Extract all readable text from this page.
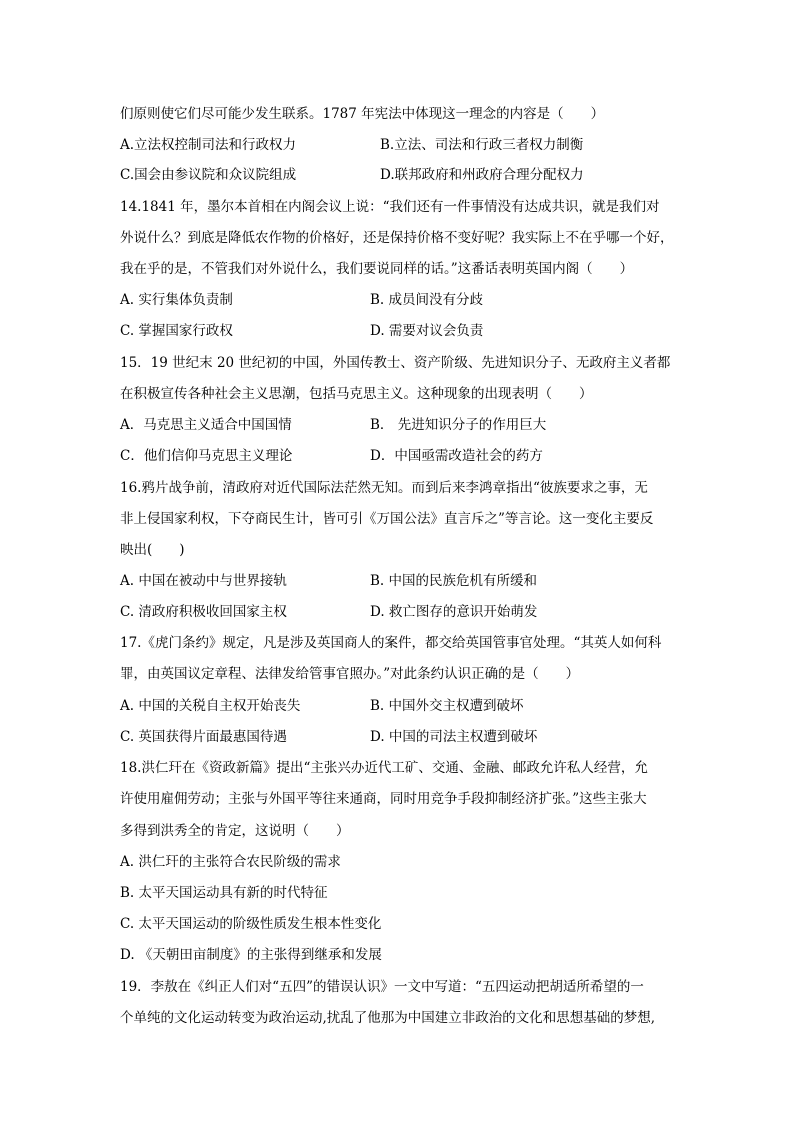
们原则使它们尽可能少发生联系。1787 年宪法中体现这一理念的内容是（　　）
A.立法权控制司法和行政权力	B.立法、司法和行政三者权力制衡
C.国会由参议院和众议院组成	D.联邦政府和州政府合理分配权力
14.1841 年，墨尔本首相在内阁会议上说：“我们还有一件事情没有达成共识，就是我们对
外说什么？到底是降低农作物的价格好，还是保持价格不变好呢？我实际上不在乎哪一个好，
我在乎的是，不管我们对外说什么，我们要说同样的话。”这番话表明英国内阁（　　）
A. 实行集体负责制	B. 成员间没有分歧
C. 掌握国家行政权	D. 需要对议会负责
15．19 世纪末 20 世纪初的中国，外国传教士、资产阶级、先进知识分子、无政府主义者都
在积极宣传各种社会主义思潮，包括马克思主义。这种现象的出现表明（　　）
A．马克思主义适合中国国情	B． 先进知识分子的作用巨大
C．他们信仰马克思主义理论	D．中国亟需改造社会的药方
16.鸦片战争前，清政府对近代国际法茫然无知。而到后来李鸿章指出“彼族要求之事，无
非上侵国家利权，下夺商民生计，皆可引《万国公法》直言斥之”等言论。这一变化主要反
映出(　　)
A. 中国在被动中与世界接轨	B. 中国的民族危机有所缓和
C. 清政府积极收回国家主权	D. 救亡图存的意识开始萌发
17.《虎门条约》规定，凡是涉及英国商人的案件，都交给英国管事官处理。“其英人如何科
罪，由英国议定章程、法律发给管事官照办。”对此条约认识正确的是（　　）
A. 中国的关税自主权开始丧失	B. 中国外交主权遭到破坏
C. 英国获得片面最惠国待遇	D. 中国的司法主权遭到破坏
18.洪仁玕在《资政新篇》提出“主张兴办近代工矿、交通、金融、邮政允许私人经营，允
许使用雇佣劳动；主张与外国平等往来通商，同时用竞争手段抑制经济扩张。”这些主张大
多得到洪秀全的肯定，这说明（　　）
A. 洪仁玕的主张符合农民阶级的需求
B. 太平天国运动具有新的时代特征
C. 太平天国运动的阶级性质发生根本性变化
D. 《天朝田亩制度》的主张得到继承和发展
19．李敖在《纠正人们对“五四”的错误认识》一文中写道：“五四运动把胡适所希望的一
个单纯的文化运动转变为政治运动,扰乱了他那为中国建立非政治的文化和思想基础的梦想,
